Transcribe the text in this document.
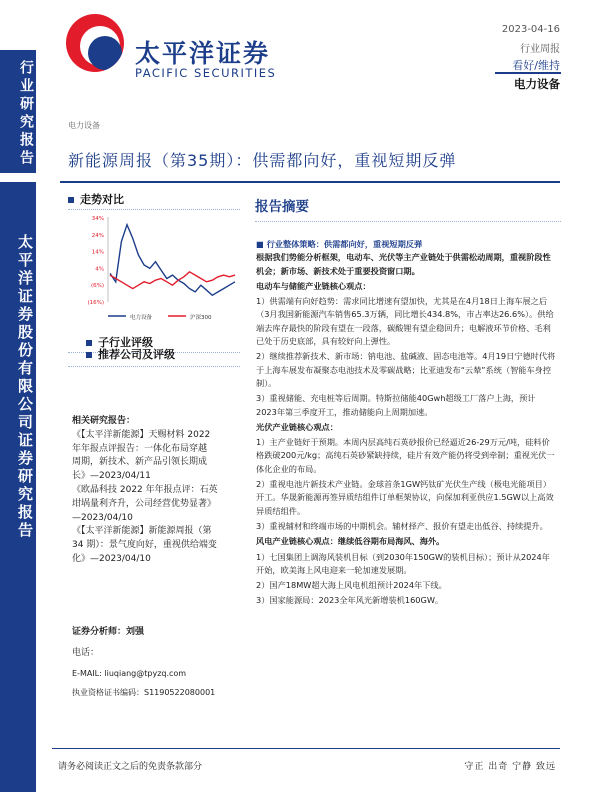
太平洋证券
PACIFIC SECURITIES
2023-04-16
行业周报
看好/维持
电力设备
行业研究报告
太平洋证券股份有限公司证券研究报告
电力设备
新能源周报（第35期）：供需都向好，重视短期反弹
走势对比
34%
24%
14%
4%
(6%)
(16%)
电力设备	沪深300
子行业评级
推荐公司及评级
相关研究报告：
《【太平洋新能源】天赐材料 2022
年年报点评报告：一体化布局穿越
周期，新技术、新产品引领长期成
长》—2023/04/11
《欧晶科技 2022 年年报点评：石英
坩埚量利齐升，公司经营优势显著》
—2023/04/10
《【太平洋新能源】新能源周报（第
34 期）：景气度向好，重视供给端变
化》—2023/04/10
证券分析师：刘强
电话：
E-MAIL: liuqiang@tpyzq.com
执业资格证书编码：S1190522080001
报告摘要

■ 行业整体策略：供需都向好，重视短期反弹

根据我们势能分析框架，电动车、光伏等主产业链处于供需松动周期，重视阶段性机会；新市场、新技术处于重要投资窗口期。

电动车与储能产业链核心观点：

1）供需端有向好趋势：需求同比增速有望加快，尤其是在4月18日上海车展之后（3月我国新能源汽车销售65.3万辆，同比增长434.8%，市占率达26.6%）。供给端去库存最快的阶段有望在一段落，碳酸锂有望企稳回升；电解液环节价格、毛利已处于历史底部，具有较好向上弹性。

2）继续推荐新技术、新市场：钠电池、盐碱液、固态电池等。4月19日宁德时代将于上海车展发布凝聚态电池技术及零碳战略；比亚迪发布“云辇”系统（智能车身控制）。

3）重视储能、充电桩等后周期。特斯拉储能40Gwh超级工厂落户上海，预计2023年第三季度开工，推动储能向上周期加速。

光伏产业链核心观点：

1）主产业链好于预期。本周内层高纯石英砂报价已经逼近26-29万元/吨，硅料价格跌破200元/kg；高纯石英砂紧缺持续，硅片有效产能仍将受到牵制；重视光伏一体化企业的布局。

2）重视电池片新技术产业链。金球首条1GW钙钛矿光伏生产线（极电光能项目）开工。华晟新能源再签异质结组件订单框架协议，向保加利亚供应1.5GW以上高效异质结组件。

3）重视辅材和终端市场的中期机会。辅材择产、报价有望走出低谷、持续提升。

风电产业链核心观点：继续低谷期布局海风、海外。

1）七国集团上调海风装机目标（到2030年150GW的装机目标）；预计从2024年开始，欧美海上风电迎来一轮加速发展期。

2）国产18MW超大海上风电机组预计2024年下线。

3）国家能源局：2023全年风光新增装机160GW。

请务必阅读正文之后的免责条款部分	守正 出奇 宁静 致远
